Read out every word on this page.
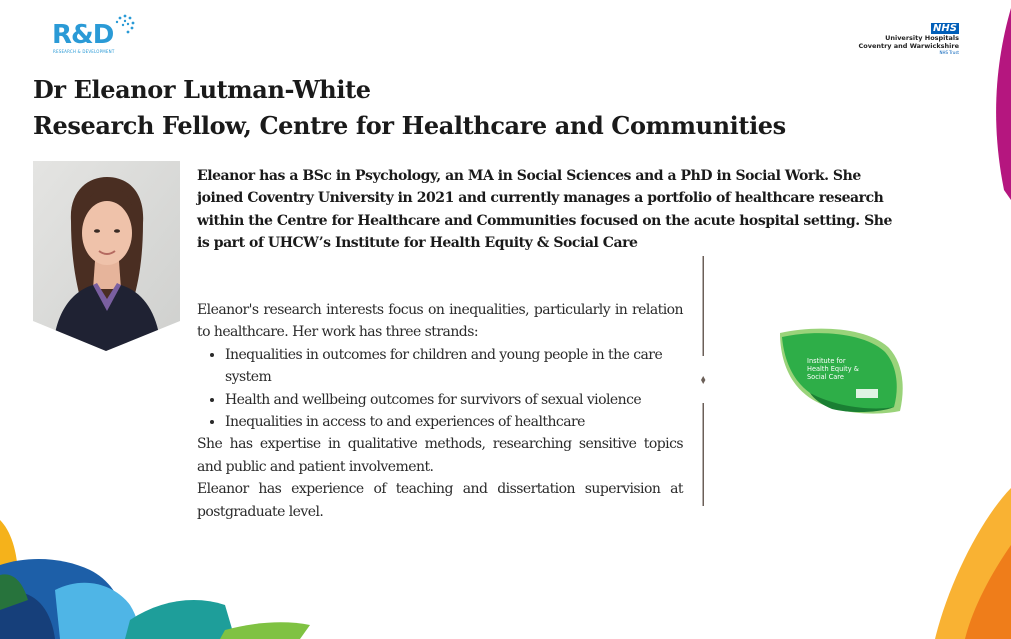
R&D
RESEARCH & DEVELOPMENT
NHS
University Hospitals
Coventry and Warwickshire
NHS Trust
Dr Eleanor Lutman-White
Research Fellow, Centre for Healthcare and Communities

Eleanor has a BSc in Psychology, an MA in Social Sciences and a PhD in Social Work. She joined Coventry University in 2021 and currently manages a portfolio of healthcare research within the Centre for Healthcare and Communities focused on the acute hospital setting. She is part of UHCW’s Institute for Health Equity & Social Care

Eleanor's research interests focus on inequalities, particularly in relation to healthcare. Her work has three strands:

• Inequalities in outcomes for children and young people in the care system
• Health and wellbeing outcomes for survivors of sexual violence
• Inequalities in access to and experiences of healthcare

She has expertise in qualitative methods, researching sensitive topics and public and patient involvement.

Eleanor has experience of teaching and dissertation supervision at postgraduate level.

Institute for
Health Equity &
Social Care
